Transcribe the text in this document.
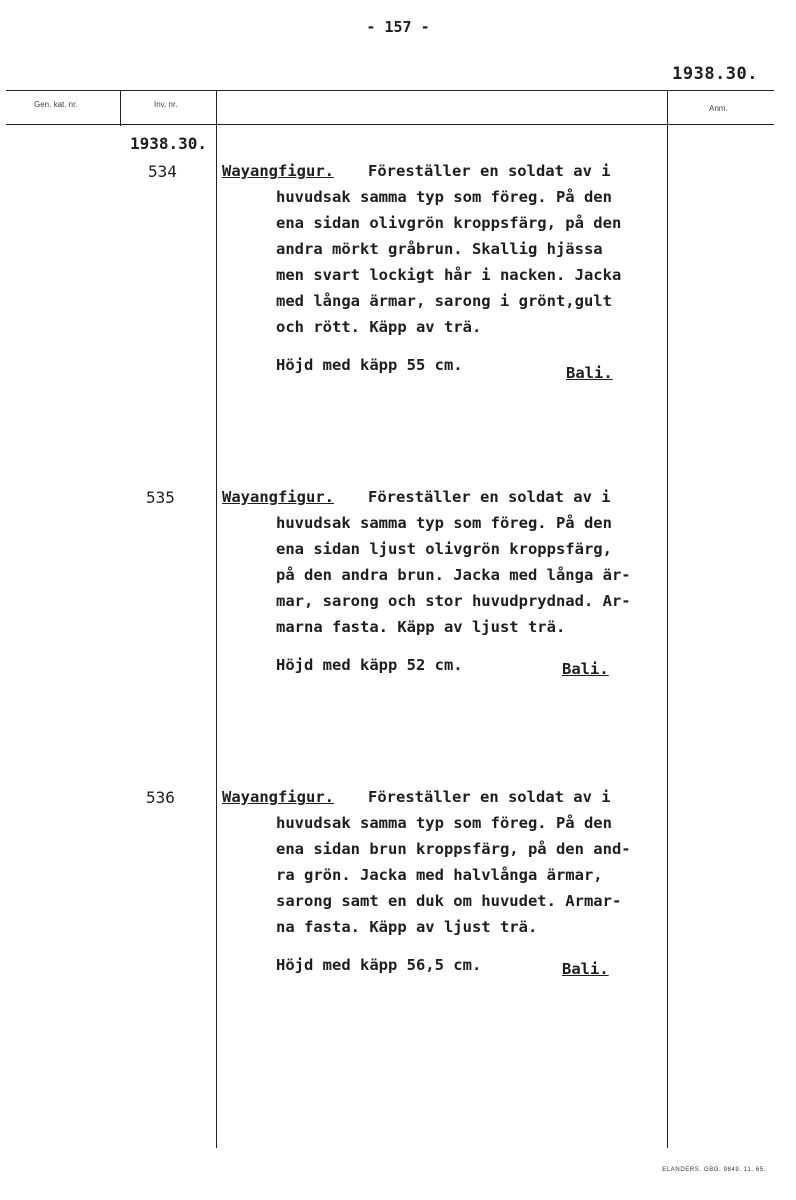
- 157 -
1938.30.
Gen. kat. nr.	Inv. nr.	Anm.
1938.30.
534	Wayangfigur. Föreställer en soldat av i
huvudsak samma typ som föreg. På den
ena sidan olivgrön kroppsfärg, på den
andra mörkt gråbrun. Skallig hjässa
men svart lockigt hår i nacken. Jacka
med långa ärmar, sarong i grönt,gult
och rött. Käpp av trä.
Höjd med käpp 55 cm.	Bali.
535	Wayangfigur. Föreställer en soldat av i
huvudsak samma typ som föreg. På den
ena sidan ljust olivgrön kroppsfärg,
på den andra brun. Jacka med långa är-
mar, sarong och stor huvudprydnad. Ar-
marna fasta. Käpp av ljust trä.
Höjd med käpp 52 cm.	Bali.
536	Wayangfigur. Föreställer en soldat av i
huvudsak samma typ som föreg. På den
ena sidan brun kroppsfärg, på den and-
ra grön. Jacka med halvlånga ärmar,
sarong samt en duk om huvudet. Armar-
na fasta. Käpp av ljust trä.
Höjd med käpp 56,5 cm.	Bali.
ELANDERS. GBG. 9849. 11. 65.
